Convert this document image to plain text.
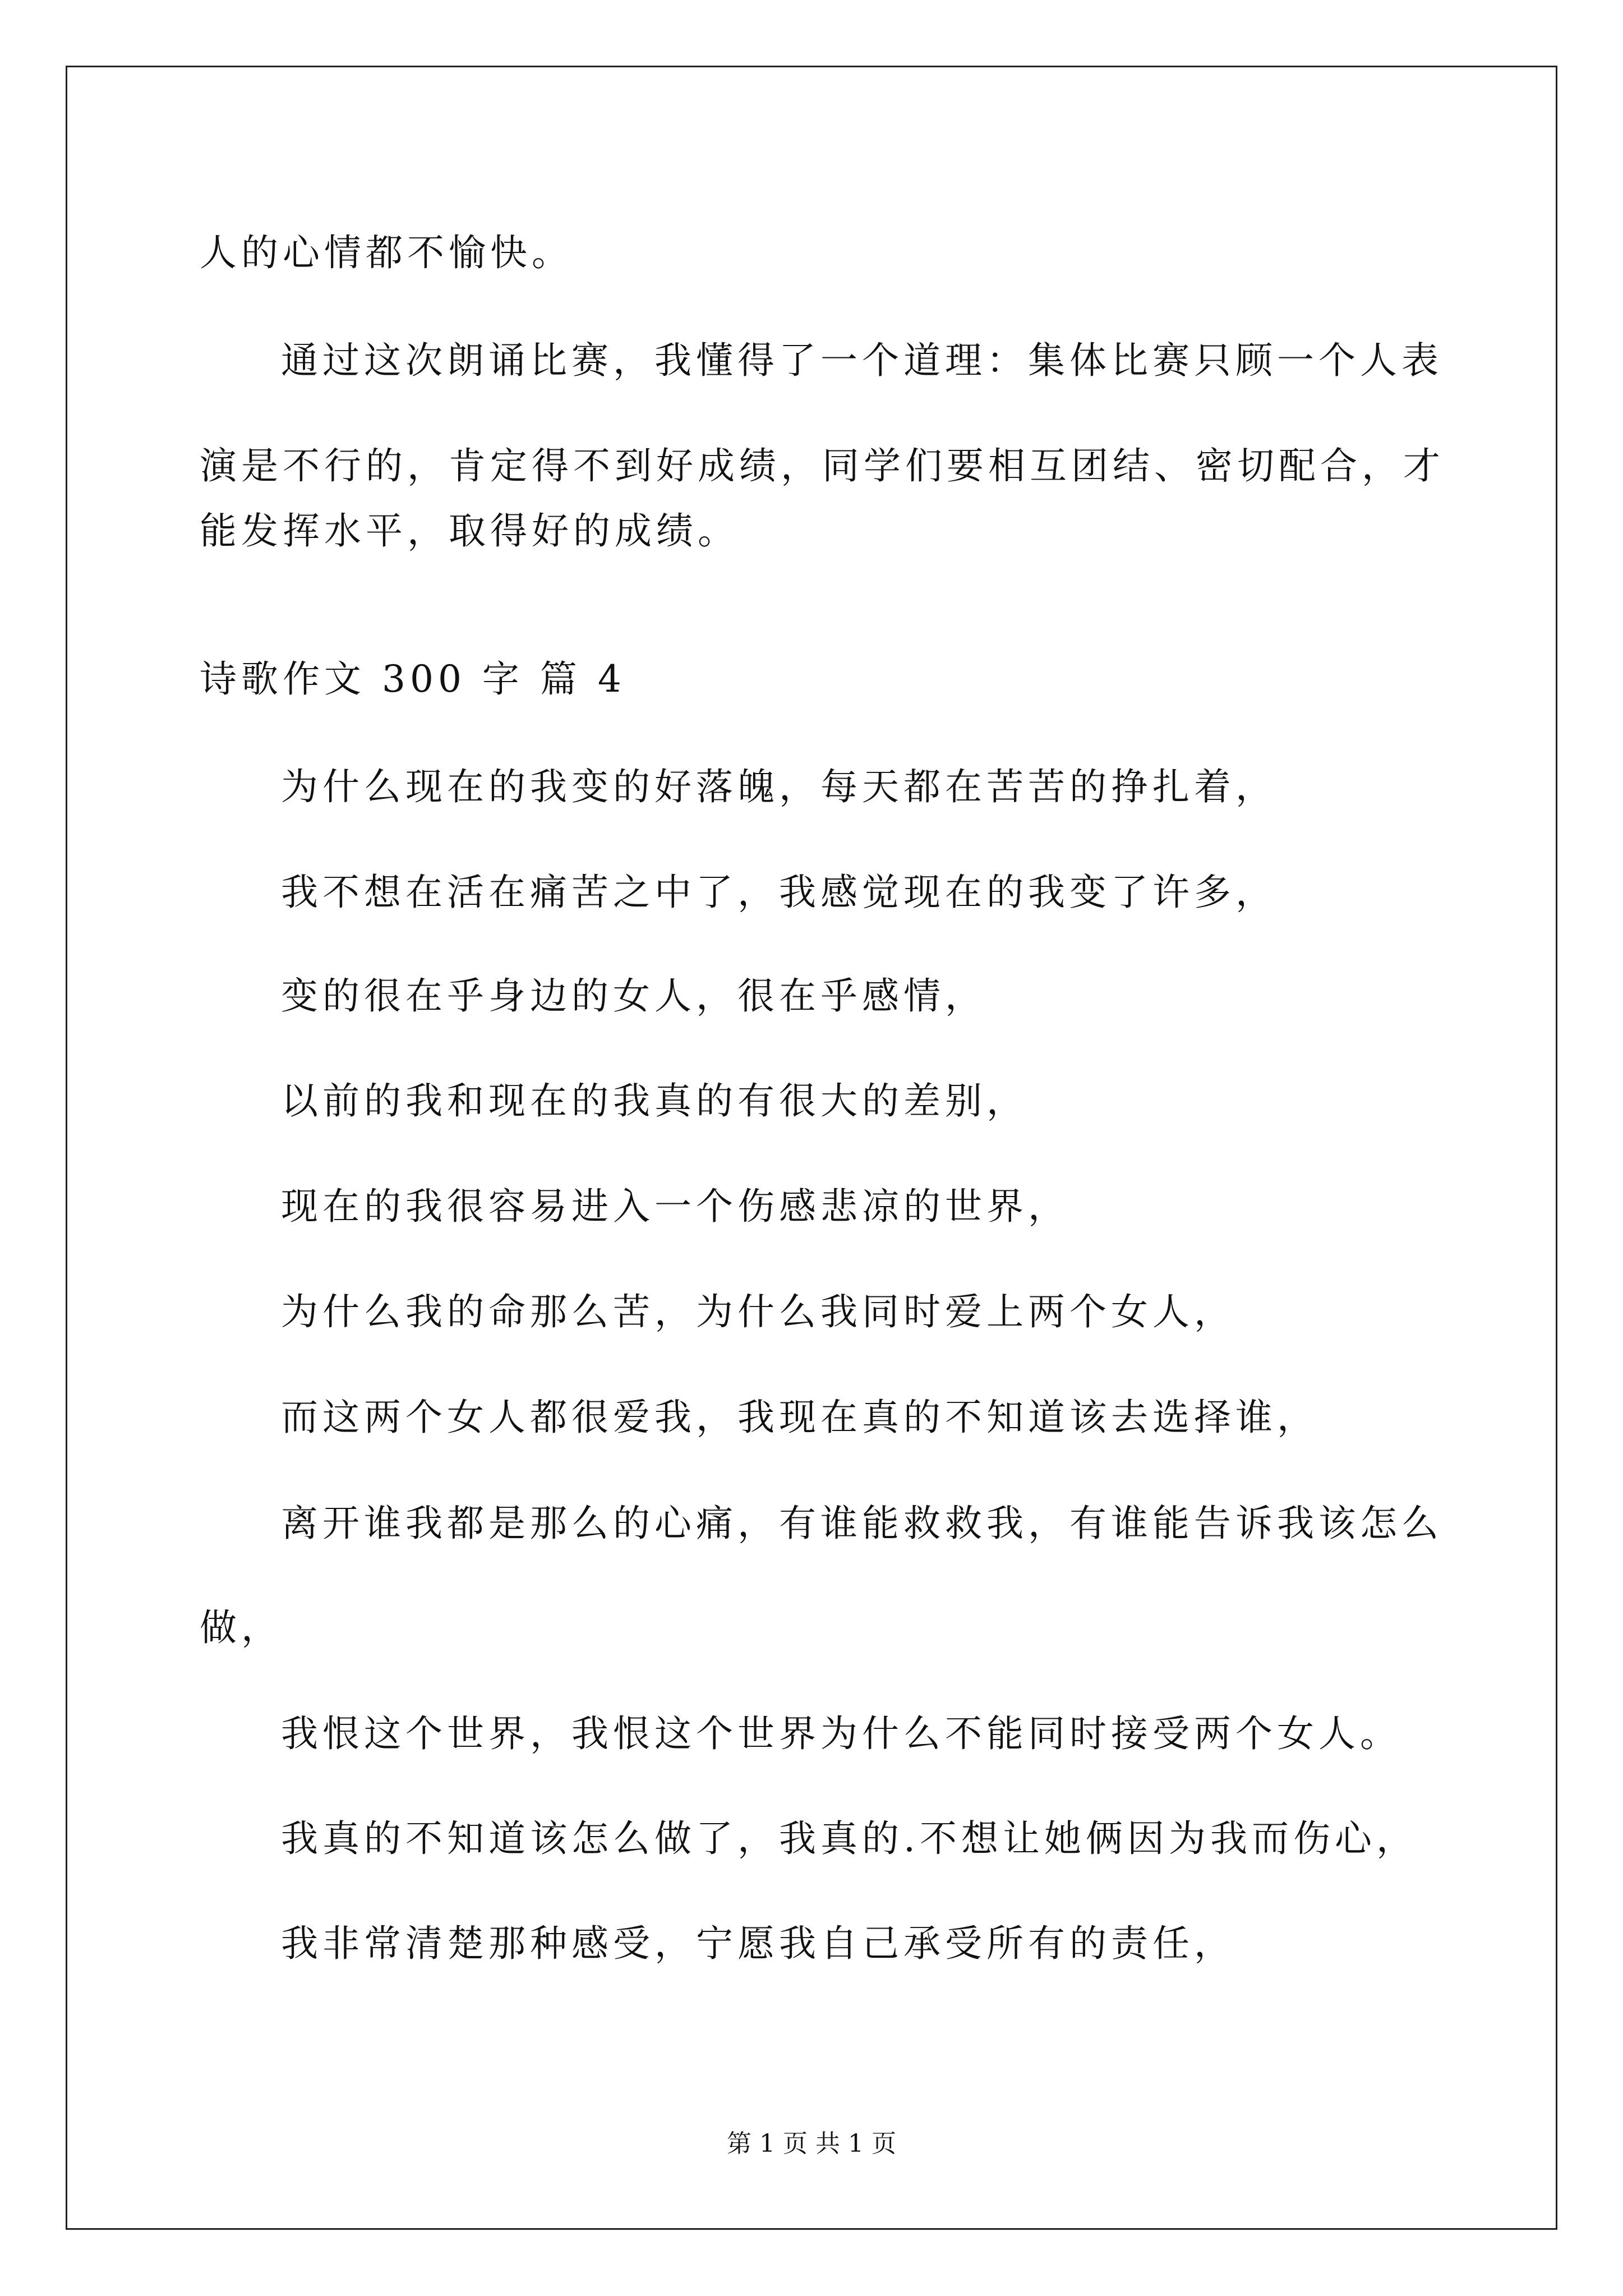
人的心情都不愉快。
通过这次朗诵比赛，我懂得了一个道理：集体比赛只顾一个人表
演是不行的，肯定得不到好成绩，同学们要相互团结、密切配合，才
能发挥水平，取得好的成绩。
诗歌作文 300 字 篇 4
为什么现在的我变的好落魄，每天都在苦苦的挣扎着，
我不想在活在痛苦之中了，我感觉现在的我变了许多，
变的很在乎身边的女人，很在乎感情，
以前的我和现在的我真的有很大的差别，
现在的我很容易进入一个伤感悲凉的世界，
为什么我的命那么苦，为什么我同时爱上两个女人，
而这两个女人都很爱我，我现在真的不知道该去选择谁，
离开谁我都是那么的心痛，有谁能救救我，有谁能告诉我该怎么
做，
我恨这个世界，我恨这个世界为什么不能同时接受两个女人。
我真的不知道该怎么做了，我真的.不想让她俩因为我而伤心，
我非常清楚那种感受，宁愿我自己承受所有的责任，
第 1 页 共 1 页
